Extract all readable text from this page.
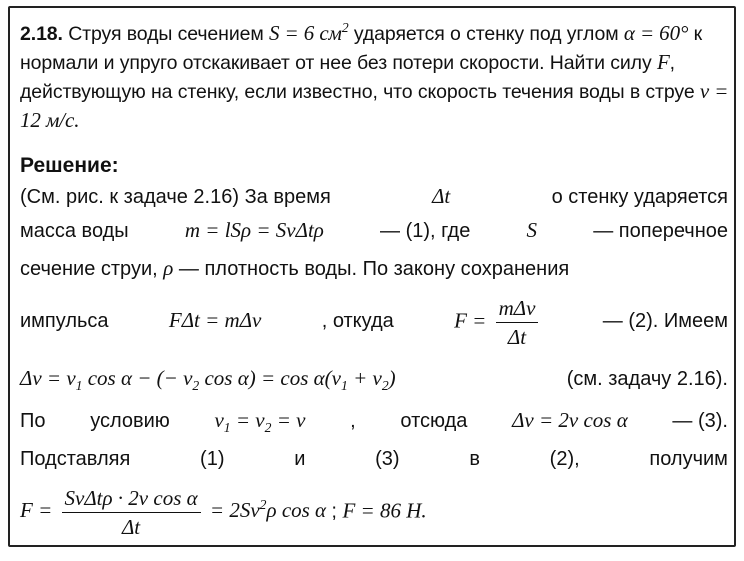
2.18. Струя воды сечением S = 6 $см^2$ ударяется о стенку под углом α = 60° к нормали и упруго отскакивает от нее без потери скорости. Найти силу F, действующую на стенку, если известно, что скорость течения воды в струе v = 12 м/с.
Решение:
(См. рис. к задаче 2.16) За время	Δt	о стенку ударяется
масса воды	m = lSρ = SvΔtρ	— (1), где	S	— поперечное
сечение струи, ρ — плотность воды. По закону сохранения
импульса	FΔt = mΔv	, откуда	$F = \frac{\text{mΔv}}{\Delta t}$	— (2). Имеем
$\Delta v = v_1$ cos α − (− $v_2$ $\cos \alpha) = \cos \alpha(v_1 + v_2)$	(см. задачу 2.16).
По условию $v_1 = v_2 = v$ , отсюда Δv = 2v cos α — (3).
Подставляя	(1)	и	(3)	в	(2),	получим
$F = \frac{\text{SvΔtρ · 2v cos α}}{\Delta t} = 2Sv^2\rho$ cos α ; F = 86 Н.
